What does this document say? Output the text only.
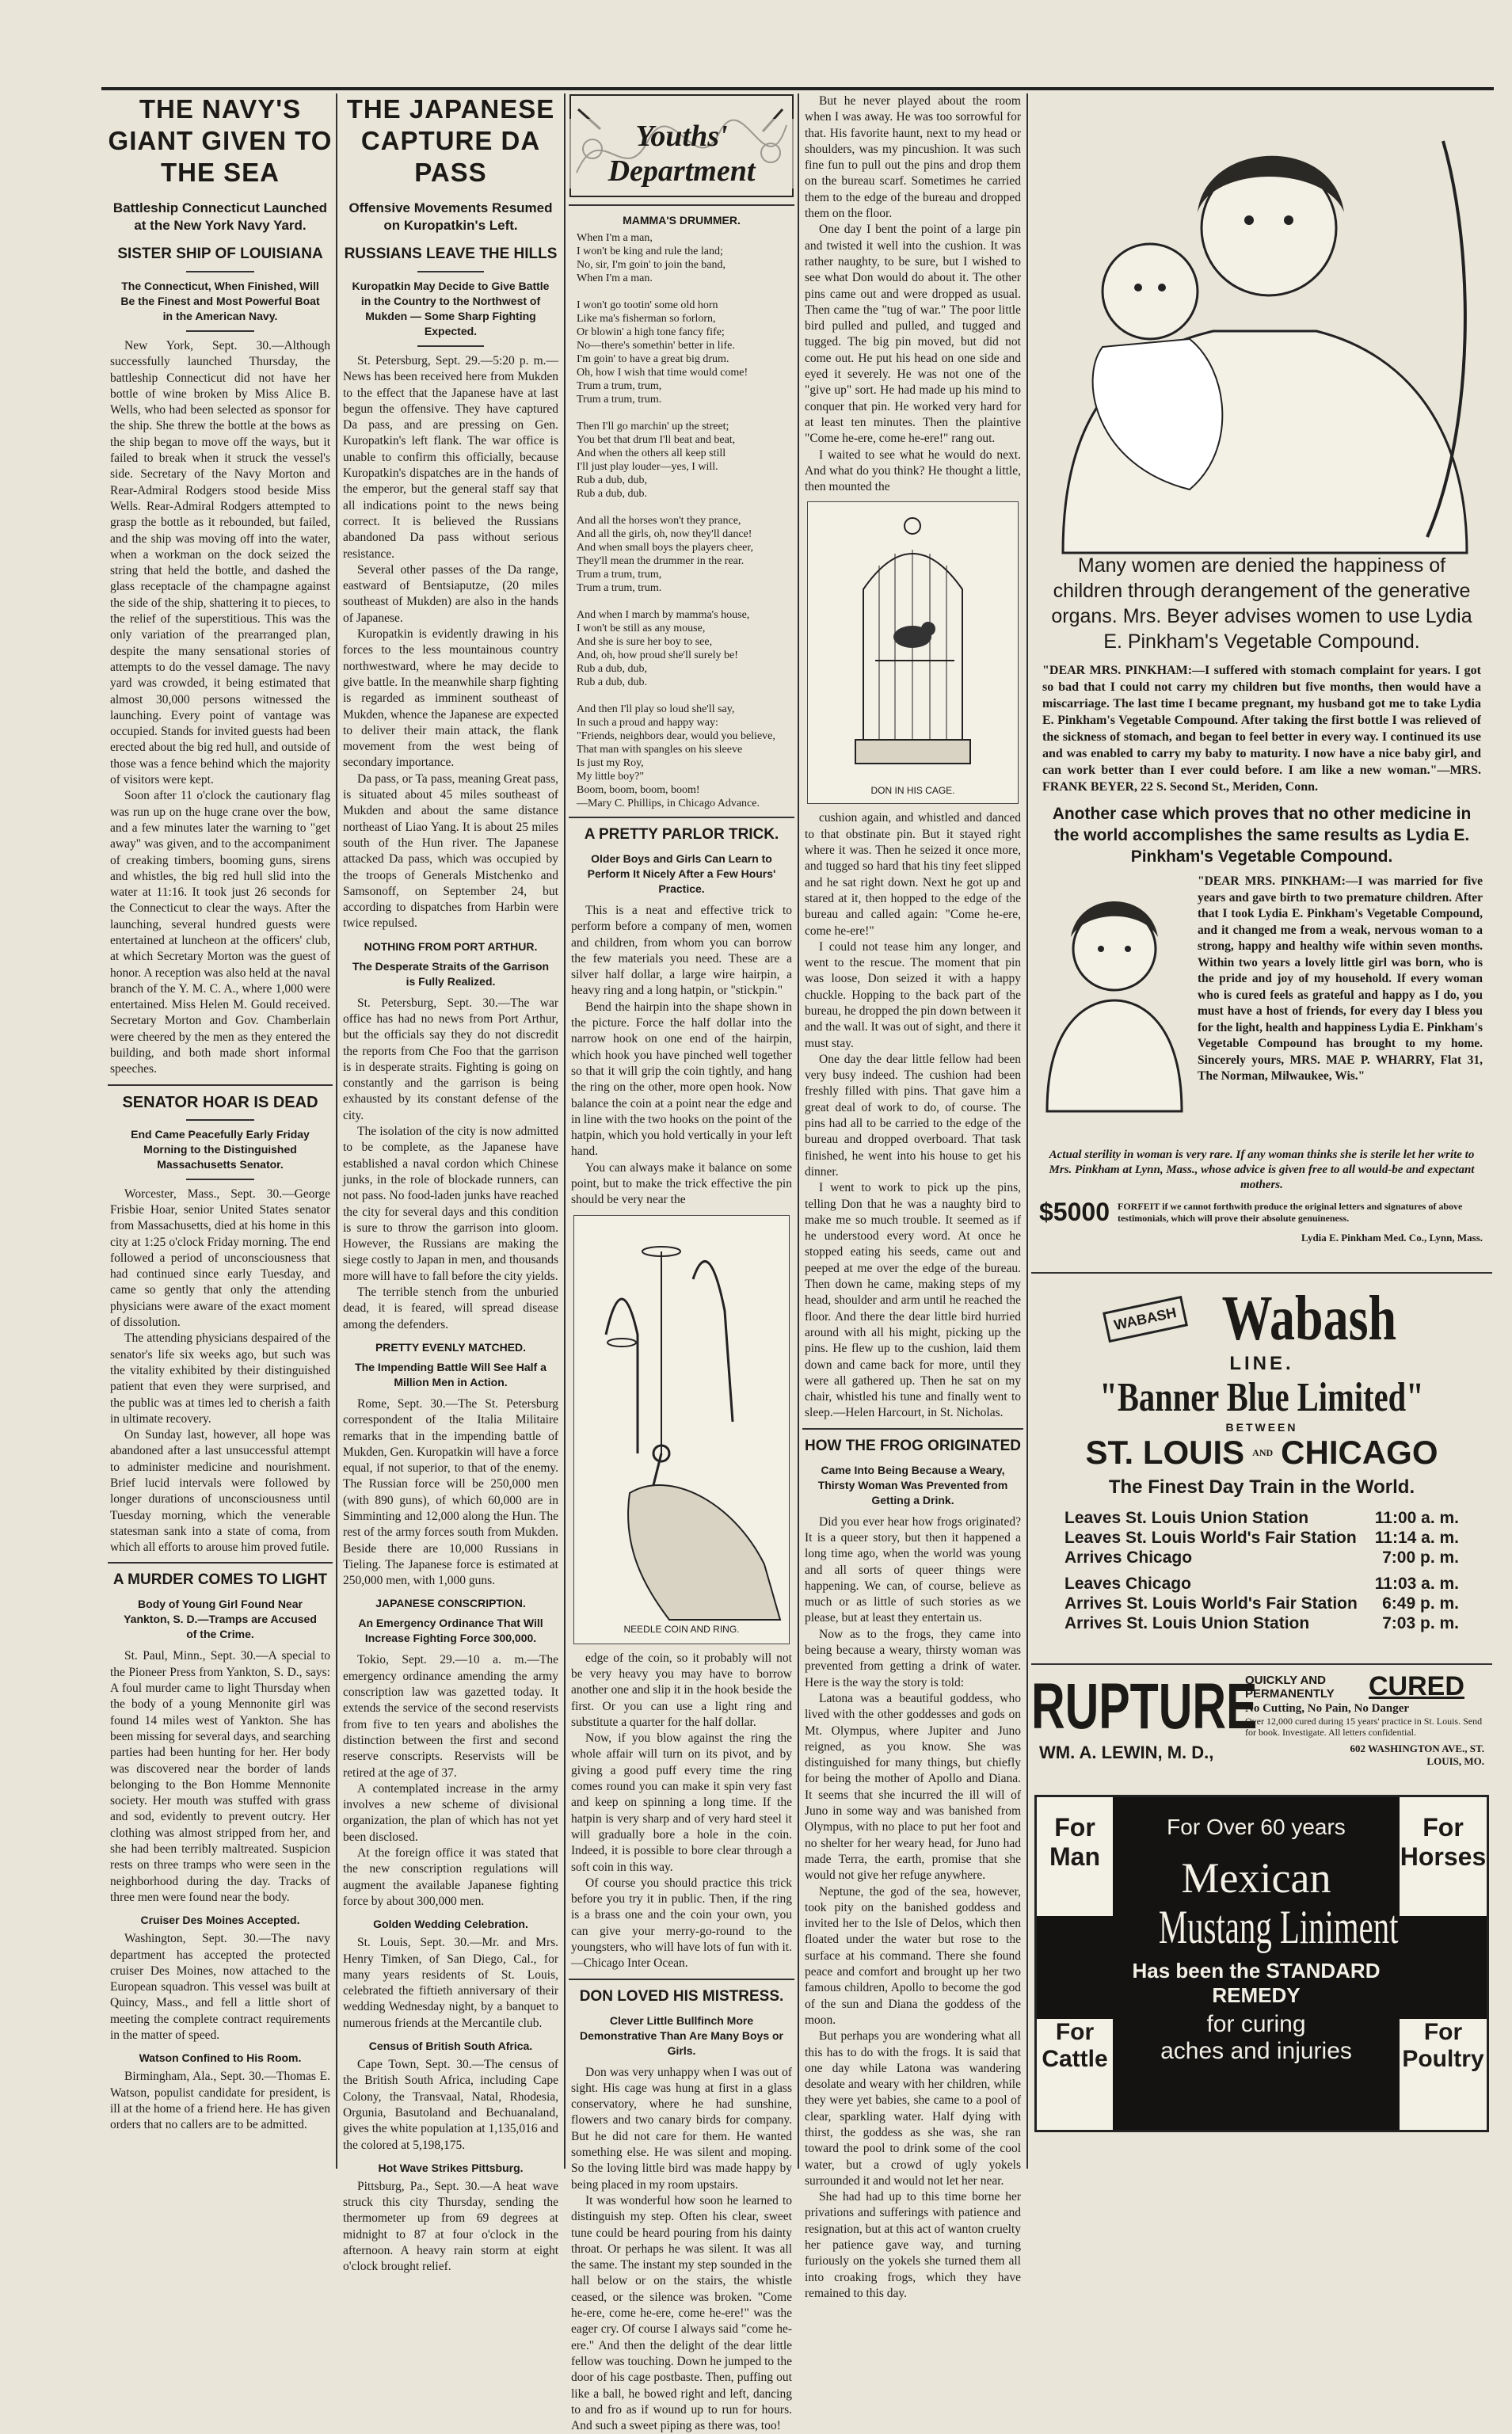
THE NAVY'S GIANT GIVEN TO THE SEA
Battleship Connecticut Launched at the New York Navy Yard.
SISTER SHIP OF LOUISIANA
The Connecticut, When Finished, Will Be the Finest and Most Powerful Boat in the American Navy.

New York, Sept. 30.—Although successfully launched Thursday, the battleship Connecticut did not have her bottle of wine broken by Miss Alice B. Wells, who had been selected as sponsor for the ship. She threw the bottle at the bows as the ship began to move off the ways, but it failed to break when it struck the vessel's side. Secretary of the Navy Morton and Rear-Admiral Rodgers stood beside Miss Wells. Rear-Admiral Rodgers attempted to grasp the bottle as it rebounded, but failed, and the ship was moving off into the water, when a workman on the dock seized the string that held the bottle, and dashed the glass receptacle of the champagne against the side of the ship, shattering it to pieces, to the relief of the superstitious. This was the only variation of the prearranged plan, despite the many sensational stories of attempts to do the vessel damage. The navy yard was crowded, it being estimated that almost 30,000 persons witnessed the launching. Every point of vantage was occupied. Stands for invited guests had been erected about the big red hull, and outside of those was a fence behind which the majority of visitors were kept.

Soon after 11 o'clock the cautionary flag was run up on the huge crane over the bow, and a few minutes later the warning to "get away" was given, and to the accompaniment of creaking timbers, booming guns, sirens and whistles, the big red hull slid into the water at 11:16. It took just 26 seconds for the Connecticut to clear the ways. After the launching, several hundred guests were entertained at luncheon at the officers' club, at which Secretary Morton was the guest of honor. A reception was also held at the naval branch of the Y. M. C. A., where 1,000 were entertained. Miss Helen M. Gould received. Secretary Morton and Gov. Chamberlain were cheered by the men as they entered the building, and both made short informal speeches.

SENATOR HOAR IS DEAD
End Came Peacefully Early Friday Morning to the Distinguished Massachusetts Senator.

Worcester, Mass., Sept. 30.—George Frisbie Hoar, senior United States senator from Massachusetts, died at his home in this city at 1:25 o'clock Friday morning. The end followed a period of unconsciousness that had continued since early Tuesday, and came so gently that only the attending physicians were aware of the exact moment of dissolution.

The attending physicians despaired of the senator's life six weeks ago, but such was the vitality exhibited by their distinguished patient that even they were surprised, and the public was at times led to cherish a faith in ultimate recovery.

On Sunday last, however, all hope was abandoned after a last unsuccessful attempt to administer medicine and nourishment. Brief lucid intervals were followed by longer durations of unconsciousness until Tuesday morning, which the venerable statesman sank into a state of coma, from which all efforts to arouse him proved futile.

A MURDER COMES TO LIGHT
Body of Young Girl Found Near Yankton, S. D.—Tramps are Accused of the Crime.

St. Paul, Minn., Sept. 30.—A special to the Pioneer Press from Yankton, S. D., says: A foul murder came to light Thursday when the body of a young Mennonite girl was found 14 miles west of Yankton. She has been missing for several days, and searching parties had been hunting for her. Her body was discovered near the border of lands belonging to the Bon Homme Mennonite society. Her mouth was stuffed with grass and sod, evidently to prevent outcry. Her clothing was almost stripped from her, and she had been terribly maltreated. Suspicion rests on three tramps who were seen in the neighborhood during the day. Tracks of three men were found near the body.

Cruiser Des Moines Accepted.

Washington, Sept. 30.—The navy department has accepted the protected cruiser Des Moines, now attached to the European squadron. This vessel was built at Quincy, Mass., and fell a little short of meeting the complete contract requirements in the matter of speed.

Watson Confined to His Room.

Birmingham, Ala., Sept. 30.—Thomas E. Watson, populist candidate for president, is ill at the home of a friend here. He has given orders that no callers are to be admitted.

THE JAPANESE CAPTURE DA PASS
Offensive Movements Resumed on Kuropatkin's Left.
RUSSIANS LEAVE THE HILLS
Kuropatkin May Decide to Give Battle in the Country to the Northwest of Mukden — Some Sharp Fighting Expected.

St. Petersburg, Sept. 29.—5:20 p. m.—News has been received here from Mukden to the effect that the Japanese have at last begun the offensive. They have captured Da pass, and are pressing on Gen. Kuropatkin's left flank. The war office is unable to confirm this officially, because Kuropatkin's dispatches are in the hands of the emperor, but the general staff say that all indications point to the news being correct. It is believed the Russians abandoned Da pass without serious resistance.

Several other passes of the Da range, eastward of Bentsiaputze, (20 miles southeast of Mukden) are also in the hands of Japanese.

Kuropatkin is evidently drawing in his forces to the less mountainous country northwestward, where he may decide to give battle. In the meanwhile sharp fighting is regarded as imminent southeast of Mukden, whence the Japanese are expected to deliver their main attack, the flank movement from the west being of secondary importance.

Da pass, or Ta pass, meaning Great pass, is situated about 45 miles southeast of Mukden and about the same distance northeast of Liao Yang. It is about 25 miles south of the Hun river. The Japanese attacked Da pass, which was occupied by the troops of Generals Mistchenko and Samsonoff, on September 24, but according to dispatches from Harbin were twice repulsed.

NOTHING FROM PORT ARTHUR.
The Desperate Straits of the Garrison is Fully Realized.

St. Petersburg, Sept. 30.—The war office has had no news from Port Arthur, but the officials say they do not discredit the reports from Che Foo that the garrison is in desperate straits. Fighting is going on constantly and the garrison is being exhausted by its constant defense of the city.

The isolation of the city is now admitted to be complete, as the Japanese have established a naval cordon which Chinese junks, in the role of blockade runners, can not pass. No food-laden junks have reached the city for several days and this condition is sure to throw the garrison into gloom. However, the Russians are making the siege costly to Japan in men, and thousands more will have to fall before the city yields.

The terrible stench from the unburied dead, it is feared, will spread disease among the defenders.

PRETTY EVENLY MATCHED.
The Impending Battle Will See Half a Million Men in Action.

Rome, Sept. 30.—The St. Petersburg correspondent of the Italia Militaire remarks that in the impending battle of Mukden, Gen. Kuropatkin will have a force equal, if not superior, to that of the enemy. The Russian force will be 250,000 men (with 890 guns), of which 60,000 are in Simminting and 12,000 along the Hun. The rest of the army forces south from Mukden. Beside there are 10,000 Russians in Tieling. The Japanese force is estimated at 250,000 men, with 1,000 guns.

JAPANESE CONSCRIPTION.
An Emergency Ordinance That Will Increase Fighting Force 300,000.

Tokio, Sept. 29.—10 a. m.—The emergency ordinance amending the army conscription law was gazetted today. It extends the service of the second reservists from five to ten years and abolishes the distinction between the first and second reserve conscripts. Reservists will be retired at the age of 37.

A contemplated increase in the army involves a new scheme of divisional organization, the plan of which has not yet been disclosed.

At the foreign office it was stated that the new conscription regulations will augment the available Japanese fighting force by about 300,000 men.

Golden Wedding Celebration.

St. Louis, Sept. 30.—Mr. and Mrs. Henry Timken, of San Diego, Cal., for many years residents of St. Louis, celebrated the fiftieth anniversary of their wedding Wednesday night, by a banquet to numerous friends at the Mercantile club.

Census of British South Africa.

Cape Town, Sept. 30.—The census of the British South Africa, including Cape Colony, the Transvaal, Natal, Rhodesia, Orgunia, Basutoland and Bechuanaland, gives the white population at 1,135,016 and the colored at 5,198,175.

Hot Wave Strikes Pittsburg.

Pittsburg, Pa., Sept. 30.—A heat wave struck this city Thursday, sending the thermometer up from 69 degrees at midnight to 87 at four o'clock in the afternoon. A heavy rain storm at eight o'clock brought relief.

Youths' Department
MAMMA'S DRUMMER.
When I'm a man,
I won't be king and rule the land;
No, sir, I'm goin' to join the band,
When I'm a man.

I won't go tootin' some old horn
Like ma's fisherman so forlorn,
Or blowin' a high tone fancy fife;
No—there's somethin' better in life.
I'm goin' to have a great big drum.
Oh, how I wish that time would come!
Trum a trum, trum,
Trum a trum, trum.

Then I'll go marchin' up the street;
You bet that drum I'll beat and beat,
And when the others all keep still
I'll just play louder—yes, I will.
Rub a dub, dub,
Rub a dub, dub.

And all the horses won't they prance,
And all the girls, oh, now they'll dance!
And when small boys the players cheer,
They'll mean the drummer in the rear.
Trum a trum, trum,
Trum a trum, trum.

And when I march by mamma's house,
I won't be still as any mouse,
And she is sure her boy to see,
And, oh, how proud she'll surely be!
Rub a dub, dub,
Rub a dub, dub.

And then I'll play so loud she'll say,
In such a proud and happy way:
"Friends, neighbors dear, would you believe,
That man with spangles on his sleeve
Is just my Roy,
My little boy?"
Boom, boom, boom, boom!
—Mary C. Phillips, in Chicago Advance.
A PRETTY PARLOR TRICK.
Older Boys and Girls Can Learn to Perform It Nicely After a Few Hours' Practice.

This is a neat and effective trick to perform before a company of men, women and children, from whom you can borrow the few materials you need. These are a silver half dollar, a large wire hairpin, a heavy ring and a long hatpin, or "stickpin."

Bend the hairpin into the shape shown in the picture. Force the half dollar into the narrow hook on one end of the hairpin, which hook you have pinched well together so that it will grip the coin tightly, and hang the ring on the other, more open hook. Now balance the coin at a point near the edge and in line with the two hooks on the point of the hatpin, which you hold vertically in your left hand.

You can always make it balance on some point, but to make the trick effective the pin should be very near the

NEEDLE COIN AND RING.

edge of the coin, so it probably will not be very heavy you may have to borrow another one and slip it in the hook beside the first. Or you can use a light ring and substitute a quarter for the half dollar.

Now, if you blow against the ring the whole affair will turn on its pivot, and by giving a good puff every time the ring comes round you can make it spin very fast and keep on spinning a long time. If the hatpin is very sharp and of very hard steel it will gradually bore a hole in the coin. Indeed, it is possible to bore clear through a soft coin in this way.

Of course you should practice this trick before you try it in public. Then, if the ring is a brass one and the coin your own, you can give your merry-go-round to the youngsters, who will have lots of fun with it.—Chicago Inter Ocean.

DON LOVED HIS MISTRESS.
Clever Little Bullfinch More Demonstrative Than Are Many Boys or Girls.

Don was very unhappy when I was out of sight. His cage was hung at first in a glass conservatory, where he had sunshine, flowers and two canary birds for company. But he did not care for them. He wanted something else. He was silent and moping. So the loving little bird was made happy by being placed in my room upstairs.

It was wonderful how soon he learned to distinguish my step. Often his clear, sweet tune could be heard pouring from his dainty throat. Or perhaps he was silent. It was all the same. The instant my step sounded in the hall below or on the stairs, the whistle ceased, or the silence was broken. "Come he-ere, come he-ere, come he-ere!" was the eager cry. Of course I always said "come he-ere." And then the delight of the dear little fellow was touching. Down he jumped to the door of his cage postbaste. Then, puffing out like a ball, he bowed right and left, dancing to and fro as if wound up to run for hours. And such a sweet piping as there was, too!

But he never played about the room when I was away. He was too sorrowful for that. His favorite haunt, next to my head or shoulders, was my pincushion. It was such fine fun to pull out the pins and drop them on the bureau scarf. Sometimes he carried them to the edge of the bureau and dropped them on the floor.

One day I bent the point of a large pin and twisted it well into the cushion. It was rather naughty, to be sure, but I wished to see what Don would do about it. The other pins came out and were dropped as usual. Then came the "tug of war." The poor little bird pulled and pulled, and tugged and tugged. The big pin moved, but did not come out. He put his head on one side and eyed it severely. He was not one of the "give up" sort. He had made up his mind to conquer that pin. He worked very hard for at least ten minutes. Then the plaintive "Come he-ere, come he-ere!" rang out.

I waited to see what he would do next. And what do you think? He thought a little, then mounted the

DON IN HIS CAGE.

cushion again, and whistled and danced to that obstinate pin. But it stayed right where it was. Then he seized it once more, and tugged so hard that his tiny feet slipped and he sat right down. Next he got up and stared at it, then hopped to the edge of the bureau and called again: "Come he-ere, come he-ere!"

I could not tease him any longer, and went to the rescue. The moment that pin was loose, Don seized it with a happy chuckle. Hopping to the back part of the bureau, he dropped the pin down between it and the wall. It was out of sight, and there it must stay.

One day the dear little fellow had been very busy indeed. The cushion had been freshly filled with pins. That gave him a great deal of work to do, of course. The pins had all to be carried to the edge of the bureau and dropped overboard. That task finished, he went into his house to get his dinner.

I went to work to pick up the pins, telling Don that he was a naughty bird to make me so much trouble. It seemed as if he understood every word. At once he stopped eating his seeds, came out and peeped at me over the edge of the bureau. Then down he came, making steps of my head, shoulder and arm until he reached the floor. And there the dear little bird hurried around with all his might, picking up the pins. He flew up to the cushion, laid them down and came back for more, until they were all gathered up. Then he sat on my chair, whistled his tune and finally went to sleep.—Helen Harcourt, in St. Nicholas.

HOW THE FROG ORIGINATED
Came Into Being Because a Weary, Thirsty Woman Was Prevented from Getting a Drink.

Did you ever hear how frogs originated? It is a queer story, but then it happened a long time ago, when the world was young and all sorts of queer things were happening. We can, of course, believe as much or as little of such stories as we please, but at least they entertain us.

Now as to the frogs, they came into being because a weary, thirsty woman was prevented from getting a drink of water. Here is the way the story is told:

Latona was a beautiful goddess, who lived with the other goddesses and gods on Mt. Olympus, where Jupiter and Juno reigned, as you know. She was distinguished for many things, but chiefly for being the mother of Apollo and Diana. It seems that she incurred the ill will of Juno in some way and was banished from Olympus, with no place to put her foot and no shelter for her weary head, for Juno had made Terra, the earth, promise that she would not give her refuge anywhere.

Neptune, the god of the sea, however, took pity on the banished goddess and invited her to the Isle of Delos, which then floated under the water but rose to the surface at his command. There she found peace and comfort and brought up her two famous children, Apollo to become the god of the sun and Diana the goddess of the moon.

But perhaps you are wondering what all this has to do with the frogs. It is said that one day while Latona was wandering desolate and weary with her children, while they were yet babies, she came to a pool of clear, sparkling water. Half dying with thirst, the goddess as she was, she ran toward the pool to drink some of the cool water, but a crowd of ugly yokels surrounded it and would not let her near.

She had had up to this time borne her privations and sufferings with patience and resignation, but at this act of wanton cruelty her patience gave way, and turning furiously on the yokels she turned them all into croaking frogs, which they have remained to this day.

Many women are denied the happiness of children through derangement of the generative organs. Mrs. Beyer advises women to use Lydia E. Pinkham's Vegetable Compound.
"DEAR MRS. PINKHAM:—I suffered with stomach complaint for years. I got so bad that I could not carry my children but five months, then would have a miscarriage. The last time I became pregnant, my husband got me to take Lydia E. Pinkham's Vegetable Compound. After taking the first bottle I was relieved of the sickness of stomach, and began to feel better in every way. I continued its use and was enabled to carry my baby to maturity. I now have a nice baby girl, and can work better than I ever could before. I am like a new woman."—MRS. FRANK BEYER, 22 S. Second St., Meriden, Conn.
Another case which proves that no other medicine in the world accomplishes the same results as Lydia E. Pinkham's Vegetable Compound.
"DEAR MRS. PINKHAM:—I was married for five years and gave birth to two premature children. After that I took Lydia E. Pinkham's Vegetable Compound, and it changed me from a weak, nervous woman to a strong, happy and healthy wife within seven months. Within two years a lovely little girl was born, who is the pride and joy of my household. If every woman who is cured feels as grateful and happy as I do, you must have a host of friends, for every day I bless you for the light, health and happiness Lydia E. Pinkham's Vegetable Compound has brought to my home. Sincerely yours, MRS. MAE P. WHARRY, Flat 31, The Norman, Milwaukee, Wis."
Actual sterility in woman is very rare. If any woman thinks she is sterile let her write to Mrs. Pinkham at Lynn, Mass., whose advice is given free to all would-be and expectant mothers.
$5000 FORFEIT if we cannot forthwith produce the original letters and signatures of above testimonials, which will prove their absolute genuineness.
Lydia E. Pinkham Med. Co., Lynn, Mass.
WABASH Wabash
LINE.
"Banner Blue Limited"
BETWEEN
ST. LOUIS AND CHICAGO
The Finest Day Train in the World.
Leaves St. Louis Union Station	11:00 a. m.
Leaves St. Louis World's Fair Station 11:14 a. m.
Arrives Chicago	7:00 p. m.
Leaves Chicago	11:03 a. m.
Arrives St. Louis World's Fair Station 6:49 p. m.
Arrives St. Louis Union Station	7:03 p. m.
RUPTURE
QUICKLY AND PERMANENTLY	CURED
No Cutting, No Pain, No Danger
Over 12,000 cured during 15 years' practice in St. Louis. Send for book. Investigate. All letters confidential.
WM. A. LEWIN, M. D.,	602 WASHINGTON AVE., ST. LOUIS, MO.
For
Man
For
Horses
For
Cattle
For
Poultry
For Over 60 years
Mexican
Mustang Liniment
Has been the STANDARD REMEDY
for curing
aches and injuries
